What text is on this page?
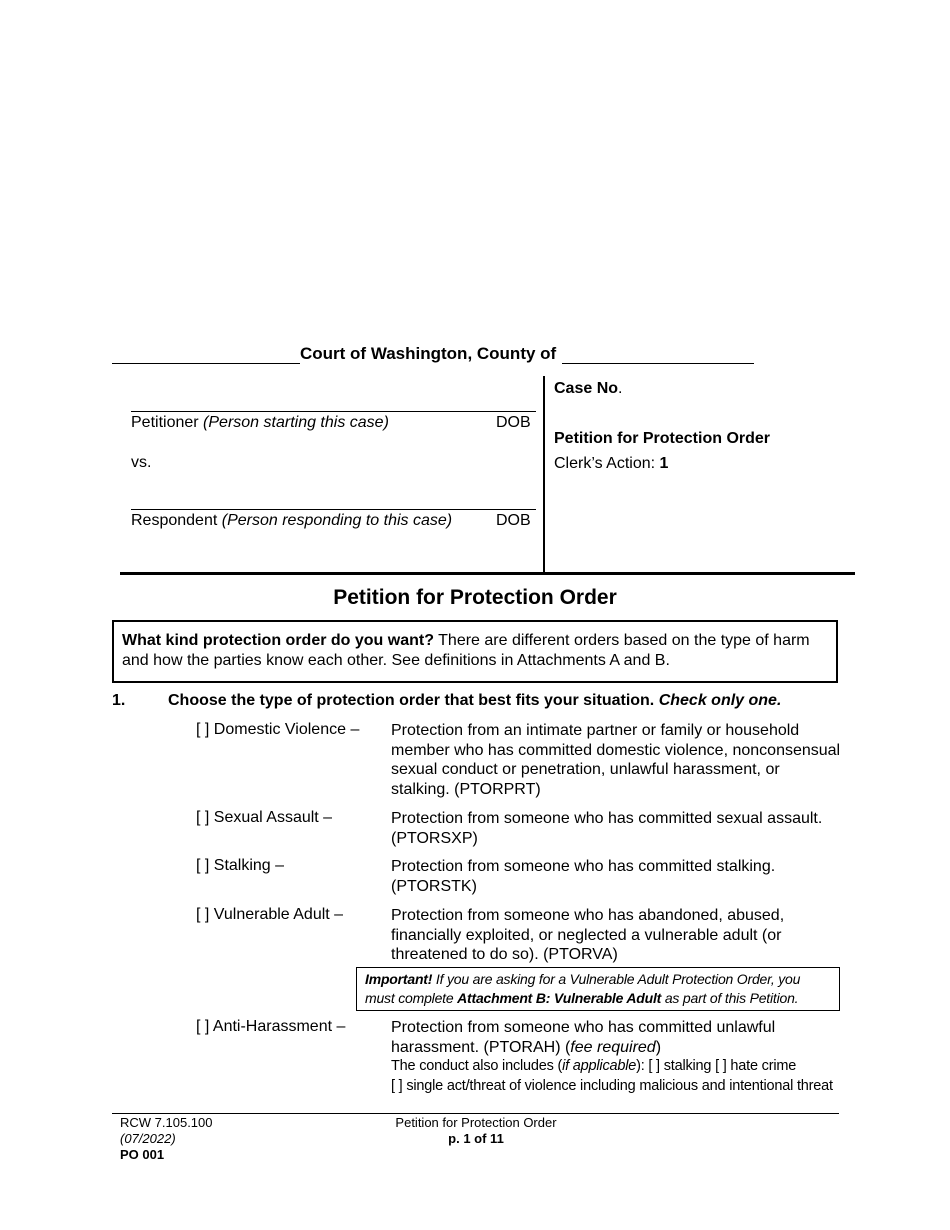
Court of Washington, County of
Petitioner (Person starting this case)	DOB
vs.
Respondent (Person responding to this case)	DOB
Case No.
Petition for Protection Order
Clerk’s Action: 1
Petition for Protection Order
What kind protection order do you want? There are different orders based on the type of harm and how the parties know each other. See definitions in Attachments A and B.
1.	Choose the type of protection order that best fits your situation. Check only one.
[ ] Domestic Violence – Protection from an intimate partner or family or household member who has committed domestic violence, nonconsensual sexual conduct or penetration, unlawful harassment, or stalking. (PTORPRT)
[ ] Sexual Assault –	Protection from someone who has committed sexual assault. (PTORSXP)
[ ] Stalking –	Protection from someone who has committed stalking. (PTORSTK)
[ ] Vulnerable Adult –	Protection from someone who has abandoned, abused, financially exploited, or neglected a vulnerable adult (or threatened to do so). (PTORVA)
Important! If you are asking for a Vulnerable Adult Protection Order, you must complete Attachment B: Vulnerable Adult as part of this Petition.
[ ] Anti-Harassment –	Protection from someone who has committed unlawful harassment. (PTORAH) (fee required)
The conduct also includes (if applicable): [ ] stalking [ ] hate crime
[ ] single act/threat of violence including malicious and intentional threat
RCW 7.105.100
(07/2022)
PO 001
Petition for Protection Order
p. 1 of 11
